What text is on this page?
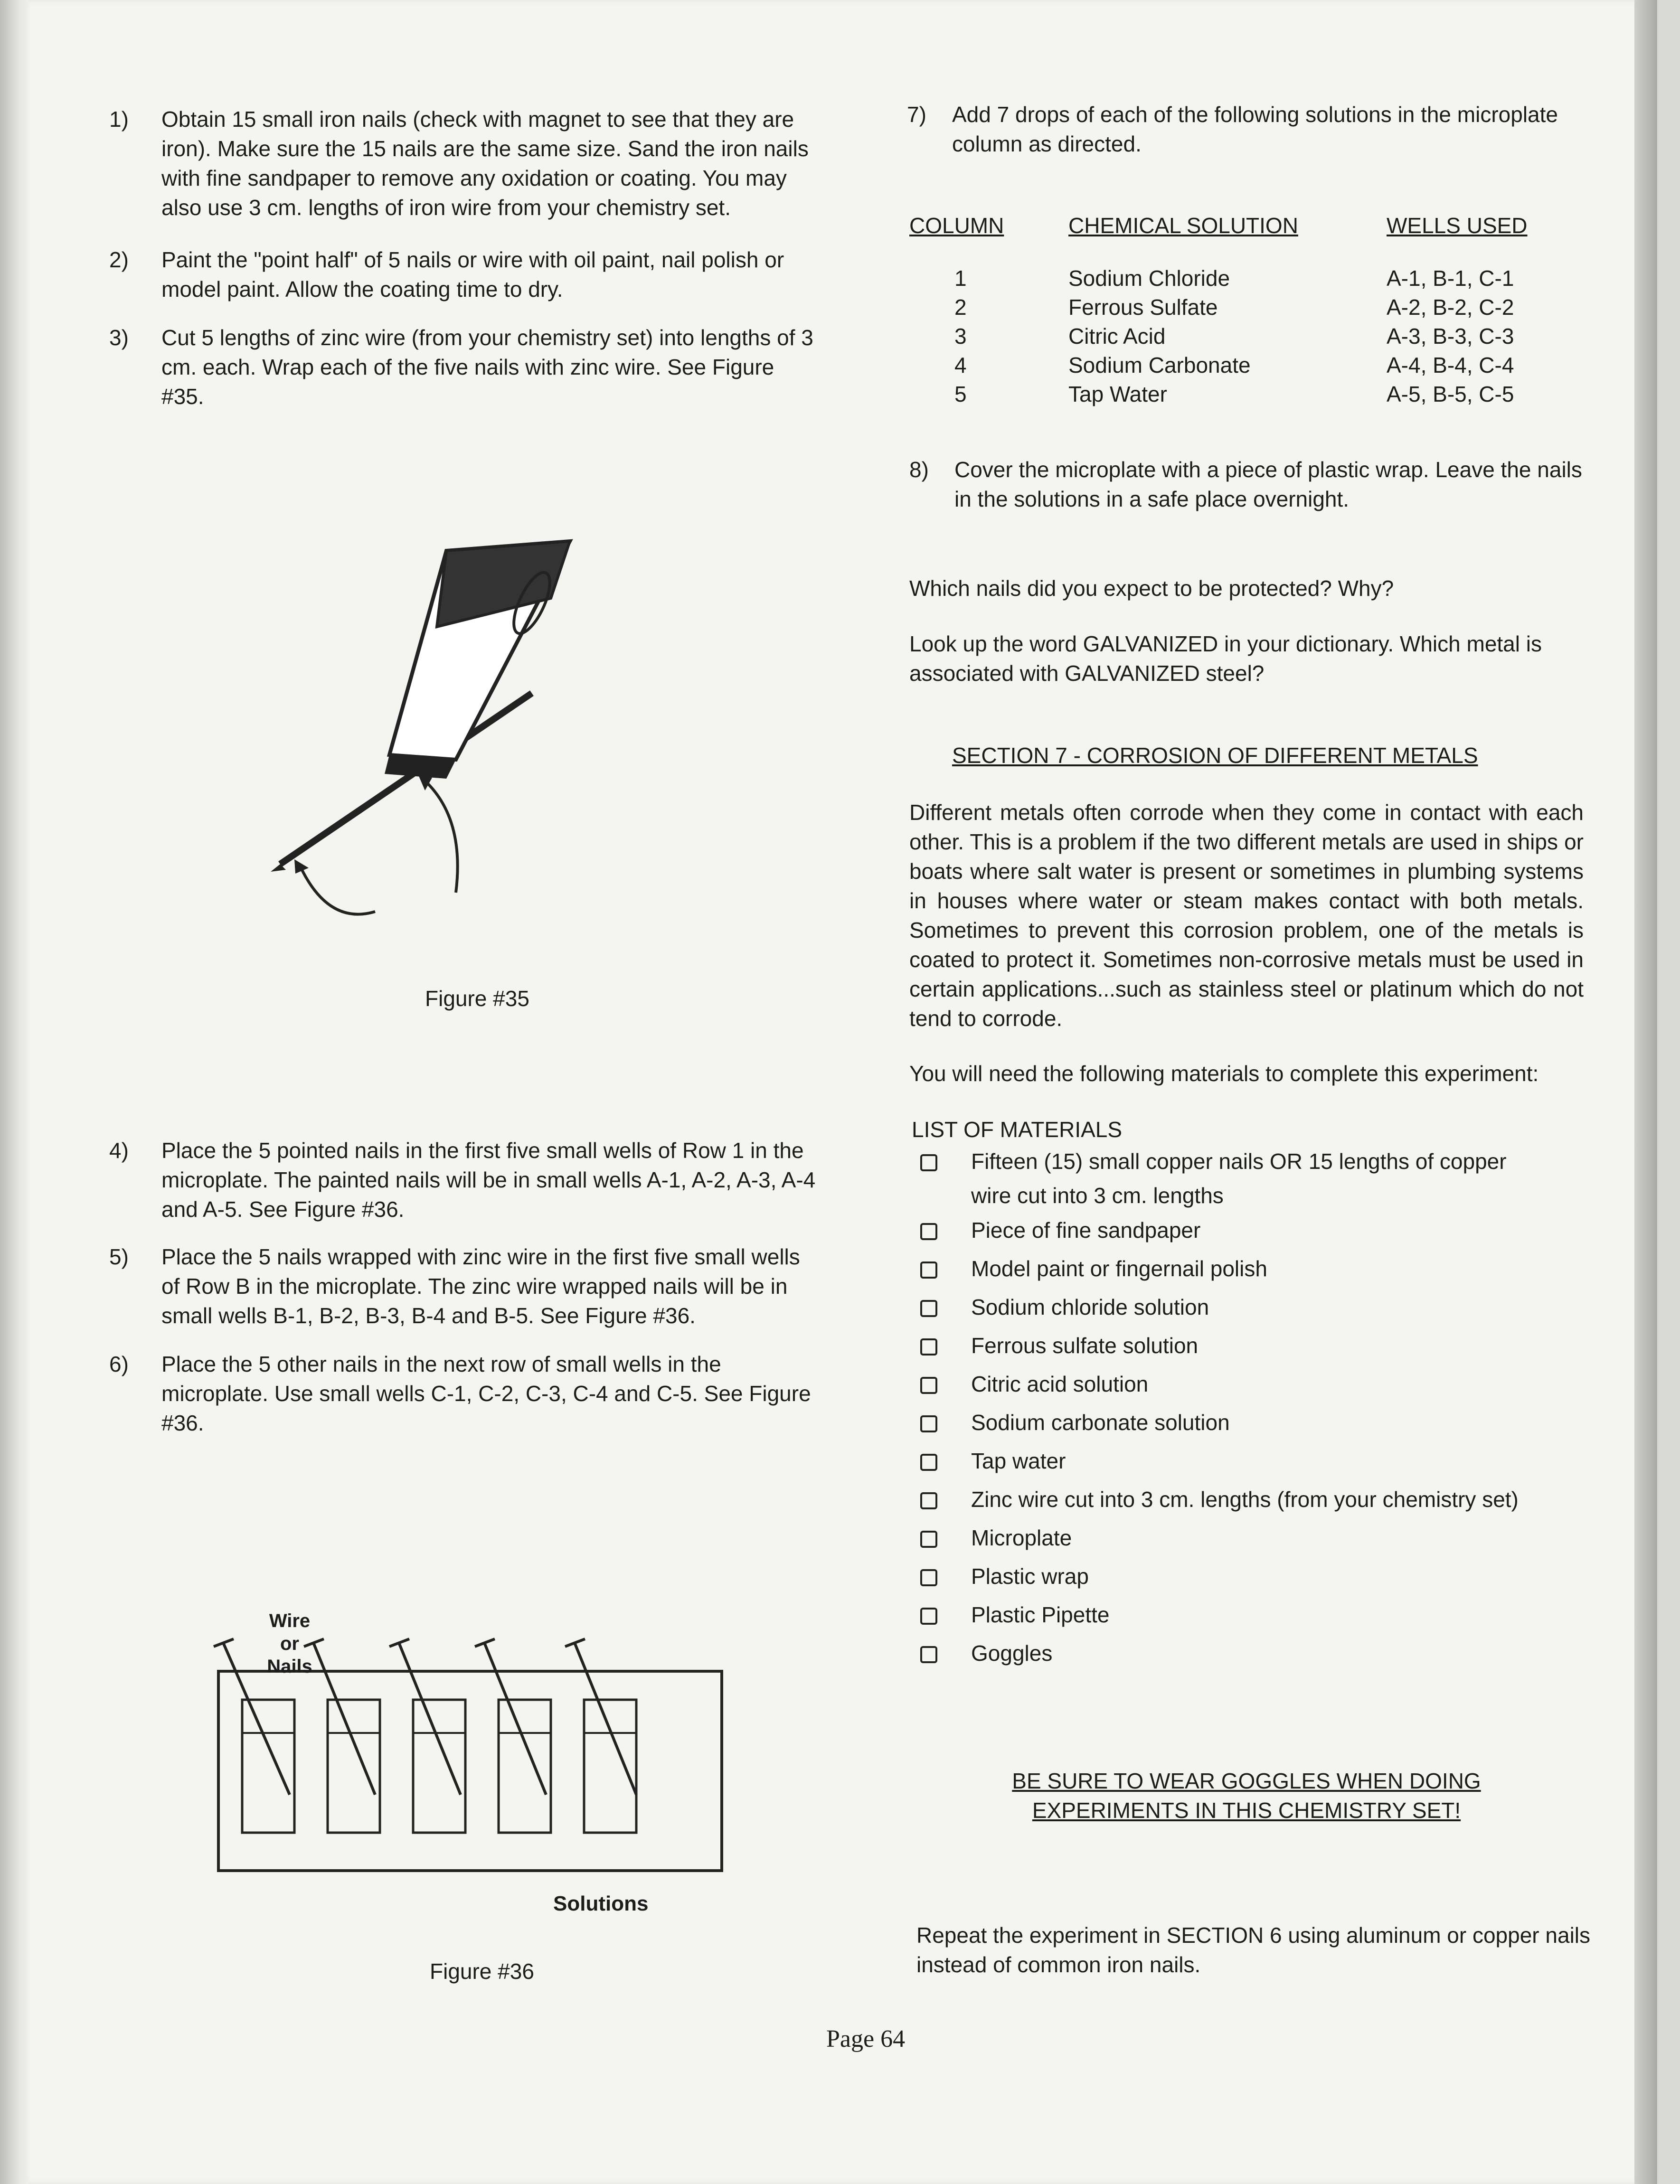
1) Obtain 15 small iron nails (check with magnet to see that they are iron). Make sure the 15 nails are the same size. Sand the iron nails with fine sandpaper to remove any oxidation or coating. You may also use 3 cm. lengths of iron wire from your chemistry set.
2) Paint the "point half" of 5 nails or wire with oil paint, nail polish or model paint. Allow the coating time to dry.
3) Cut 5 lengths of zinc wire (from your chemistry set) into lengths of 3 cm. each. Wrap each of the five nails with zinc wire. See Figure #35.
Figure #35
4) Place the 5 pointed nails in the first five small wells of Row 1 in the microplate. The painted nails will be in small wells A-1, A-2, A-3, A-4 and A-5. See Figure #36.
5) Place the 5 nails wrapped with zinc wire in the first five small wells of Row B in the microplate. The zinc wire wrapped nails will be in small wells B-1, B-2, B-3, B-4 and B-5. See Figure #36.
6) Place the 5 other nails in the next row of small wells in the microplate. Use small wells C-1, C-2, C-3, C-4 and C-5. See Figure #36.
Wire
or
Nails
Solutions
Figure #36
7) Add 7 drops of each of the following solutions in the microplate column as directed.
COLUMN	CHEMICAL SOLUTION	WELLS USED

1	Sodium Chloride	A-1, B-1, C-1
2	Ferrous Sulfate	A-2, B-2, C-2
3	Citric Acid	A-3, B-3, C-3
4	Sodium Carbonate	A-4, B-4, C-4
5	Tap Water	A-5, B-5, C-5
8) Cover the microplate with a piece of plastic wrap. Leave the nails in the solutions in a safe place overnight.
Which nails did you expect to be protected? Why?
Look up the word GALVANIZED in your dictionary. Which metal is associated with GALVANIZED steel?
SECTION 7 - CORROSION OF DIFFERENT METALS
Different metals often corrode when they come in contact with each other. This is a problem if the two different metals are used in ships or boats where salt water is present or sometimes in plumbing systems in houses where water or steam makes contact with both metals. Sometimes to prevent this corrosion problem, one of the metals is coated to protect it. Sometimes non-corrosive metals must be used in certain applications...such as stainless steel or platinum which do not tend to corrode.
You will need the following materials to complete this experiment:
LIST OF MATERIALS
Fifteen (15) small copper nails OR 15 lengths of copper
wire cut into 3 cm. lengths
Piece of fine sandpaper
Model paint or fingernail polish
Sodium chloride solution
Ferrous sulfate solution
Citric acid solution
Sodium carbonate solution
Tap water
Zinc wire cut into 3 cm. lengths (from your chemistry set)
Microplate
Plastic wrap
Plastic Pipette
Goggles
BE SURE TO WEAR GOGGLES WHEN DOING
EXPERIMENTS IN THIS CHEMISTRY SET!
Repeat the experiment in SECTION 6 using aluminum or copper nails instead of common iron nails.
Page 64
